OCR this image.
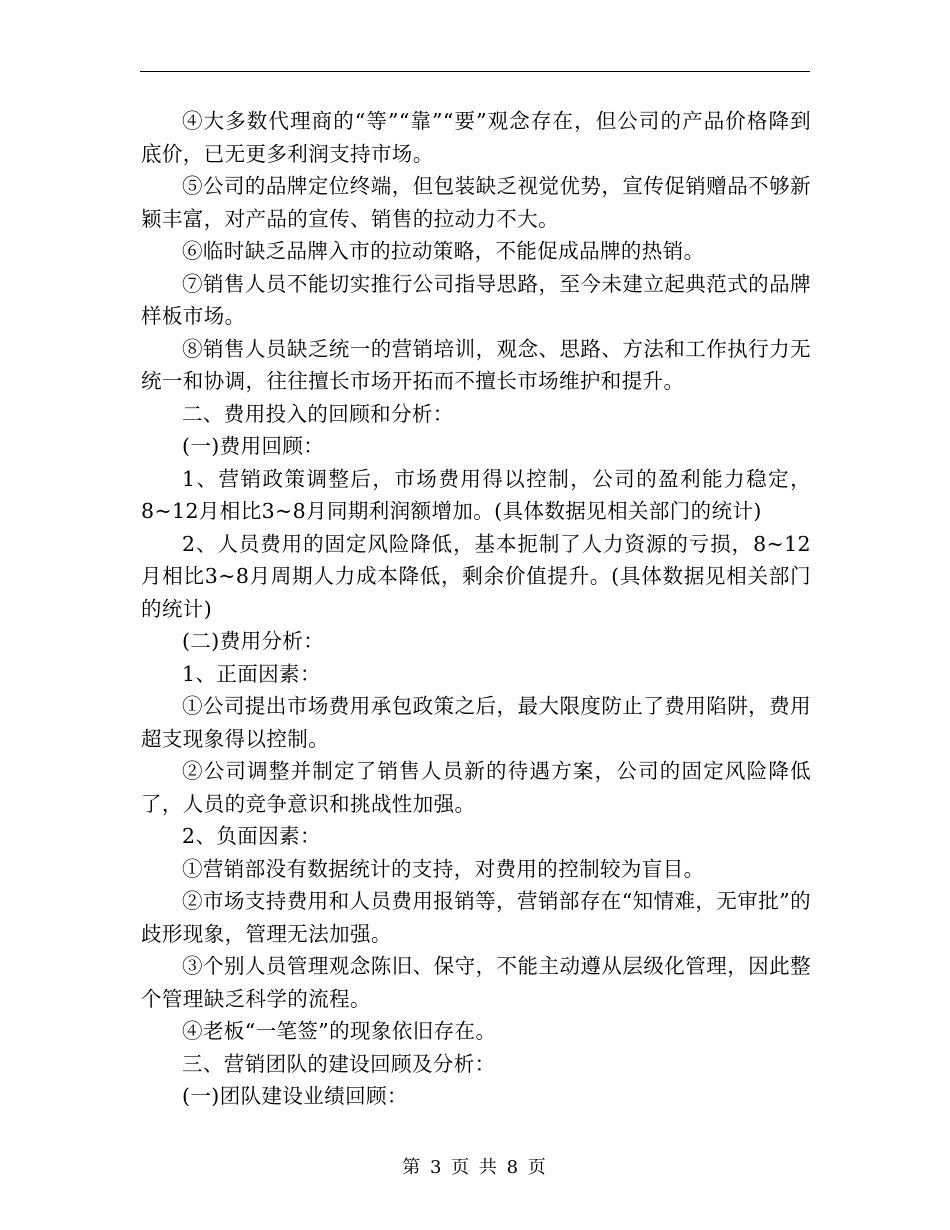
④大多数代理商的“等”“靠”“要”观念存在，但公司的产品价格降到底价，已无更多利润支持市场。

⑤公司的品牌定位终端，但包装缺乏视觉优势，宣传促销赠品不够新颖丰富，对产品的宣传、销售的拉动力不大。

⑥临时缺乏品牌入市的拉动策略，不能促成品牌的热销。

⑦销售人员不能切实推行公司指导思路，至今未建立起典范式的品牌样板市场。

⑧销售人员缺乏统一的营销培训，观念、思路、方法和工作执行力无统一和协调，往往擅长市场开拓而不擅长市场维护和提升。

二、费用投入的回顾和分析：

(一)费用回顾：

1、营销政策调整后，市场费用得以控制，公司的盈利能力稳定，8~12月相比3~8月同期利润额增加。(具体数据见相关部门的统计)

2、人员费用的固定风险降低，基本扼制了人力资源的亏损，8~12月相比3~8月周期人力成本降低，剩余价值提升。(具体数据见相关部门的统计)

(二)费用分析：

1、正面因素：

①公司提出市场费用承包政策之后，最大限度防止了费用陷阱，费用超支现象得以控制。

②公司调整并制定了销售人员新的待遇方案，公司的固定风险降低了，人员的竞争意识和挑战性加强。

2、负面因素：

①营销部没有数据统计的支持，对费用的控制较为盲目。

②市场支持费用和人员费用报销等，营销部存在“知情难，无审批”的歧形现象，管理无法加强。

③个别人员管理观念陈旧、保守，不能主动遵从层级化管理，因此整个管理缺乏科学的流程。

④老板“一笔签”的现象依旧存在。

三、营销团队的建设回顾及分析：

(一)团队建设业绩回顾：

第 3 页 共 8 页
